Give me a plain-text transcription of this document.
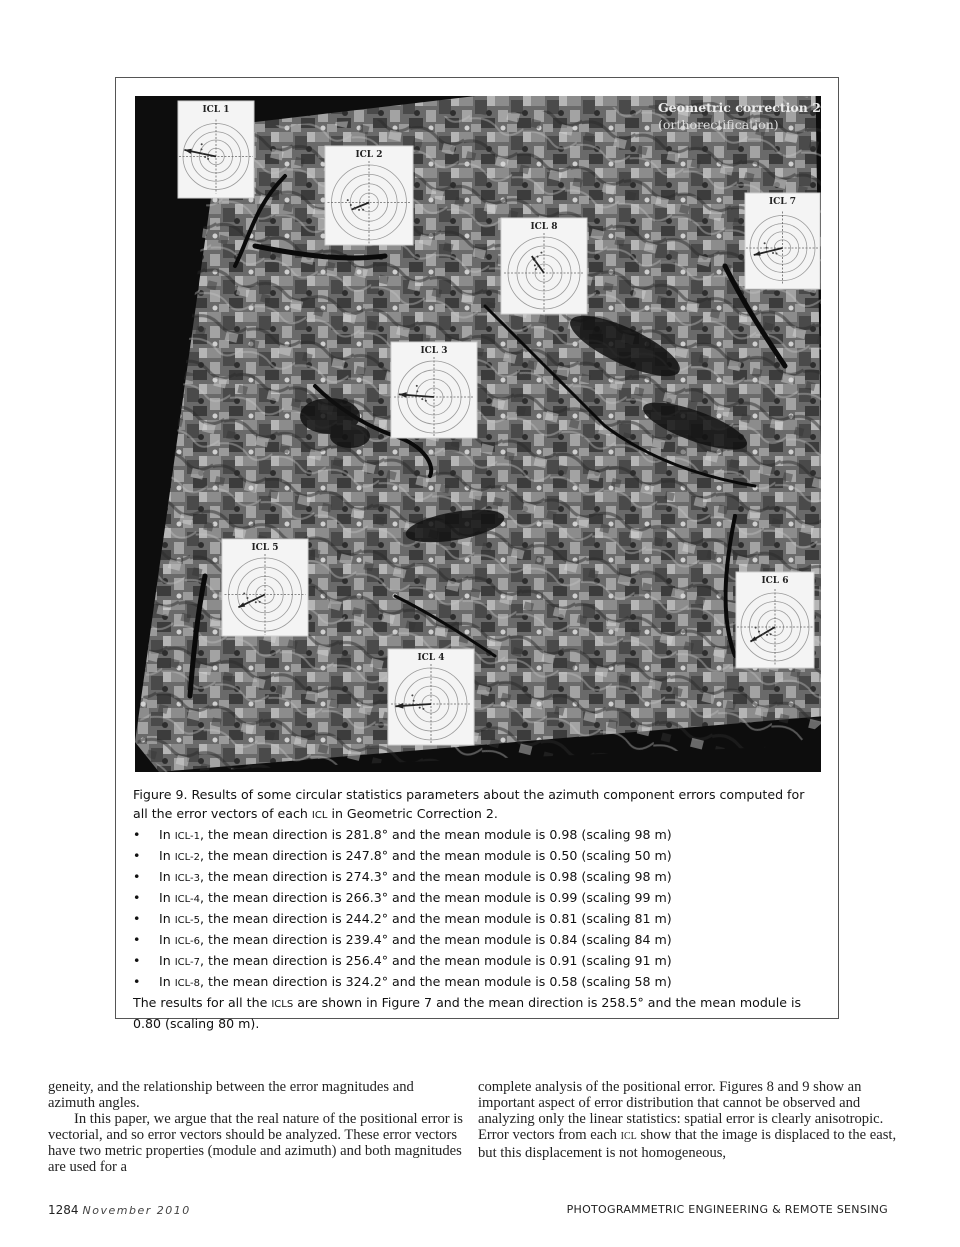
ICL 1
ICL 2
ICL 8
ICL 7
ICL 3
ICL 5
ICL 6
ICL 4
Geometric correction 2
(orthorectification)

Figure 9. Results of some circular statistics parameters about the azimuth component errors computed for all the error vectors of each ICL in Geometric Correction 2.

• In ICL-1, the mean direction is 281.8° and the mean module is 0.98 (scaling 98 m)
• In ICL-2, the mean direction is 247.8° and the mean module is 0.50 (scaling 50 m)
• In ICL-3, the mean direction is 274.3° and the mean module is 0.98 (scaling 98 m)
• In ICL-4, the mean direction is 266.3° and the mean module is 0.99 (scaling 99 m)
• In ICL-5, the mean direction is 244.2° and the mean module is 0.81 (scaling 81 m)
• In ICL-6, the mean direction is 239.4° and the mean module is 0.84 (scaling 84 m)
• In ICL-7, the mean direction is 256.4° and the mean module is 0.91 (scaling 91 m)
• In ICL-8, the mean direction is 324.2° and the mean module is 0.58 (scaling 58 m)

The results for all the ICLS are shown in Figure 7 and the mean direction is 258.5° and the mean module is 0.80 (scaling 80 m).

geneity, and the relationship between the error magnitudes and azimuth angles.

In this paper, we argue that the real nature of the positional error is vectorial, and so error vectors should be analyzed. These error vectors have two metric properties (module and azimuth) and both magnitudes are used for a

complete analysis of the positional error. Figures 8 and 9 show an important aspect of error distribution that cannot be observed and analyzing only the linear statistics: spatial error is clearly anisotropic. Error vectors from each ICL show that the image is displaced to the east, but this displacement is not homogeneous,

1284 November 2010	PHOTOGRAMMETRIC ENGINEERING & REMOTE SENSING
